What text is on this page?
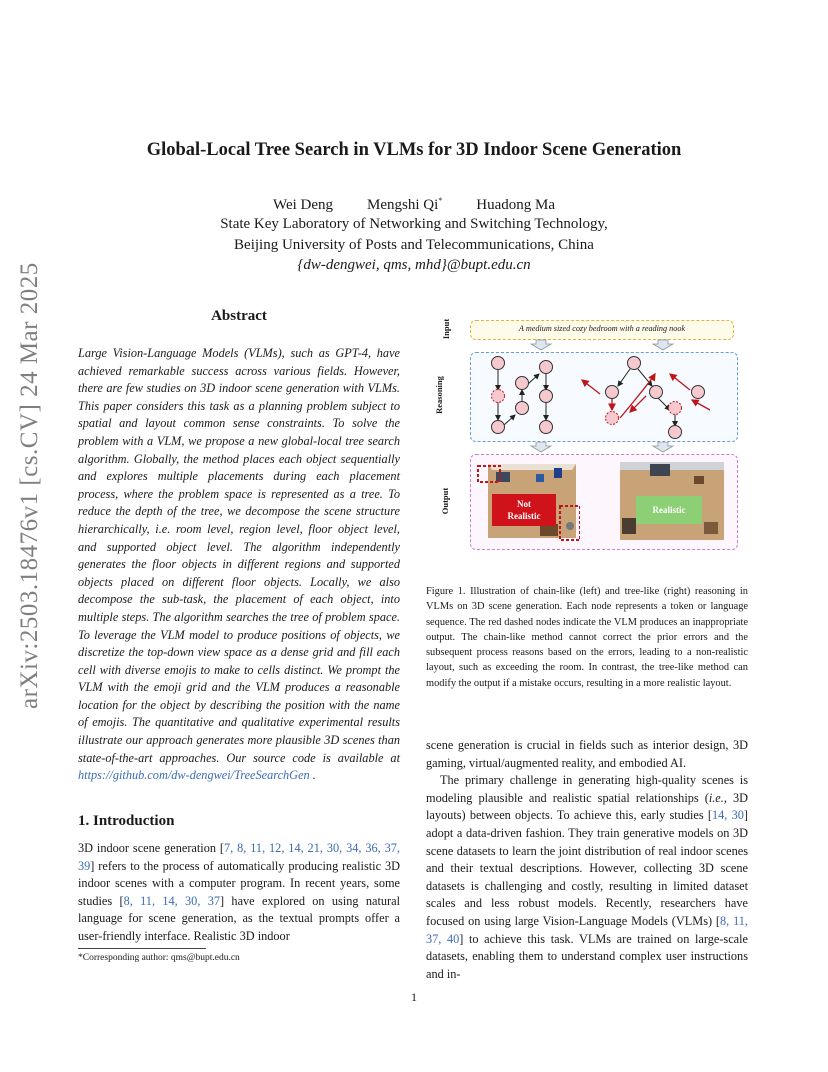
arXiv:2503.18476v1 [cs.CV] 24 Mar 2025
Global-Local Tree Search in VLMs for 3D Indoor Scene Generation
Wei Deng Mengshi Qi* Huadong Ma
State Key Laboratory of Networking and Switching Technology,
Beijing University of Posts and Telecommunications, China
{dw-dengwei, qms, mhd}@bupt.edu.cn
Abstract
Large Vision-Language Models (VLMs), such as GPT-4, have achieved remarkable success across various fields. However, there are few studies on 3D indoor scene generation with VLMs. This paper considers this task as a planning problem subject to spatial and layout common sense constraints. To solve the problem with a VLM, we propose a new global-local tree search algorithm. Globally, the method places each object sequentially and explores multiple placements during each placement process, where the problem space is represented as a tree. To reduce the depth of the tree, we decompose the scene structure hierarchically, i.e. room level, region level, floor object level, and supported object level. The algorithm independently generates the floor objects in different regions and supported objects placed on different floor objects. Locally, we also decompose the sub-task, the placement of each object, into multiple steps. The algorithm searches the tree of problem space. To leverage the VLM model to produce positions of objects, we discretize the top-down view space as a dense grid and fill each cell with diverse emojis to make to cells distinct. We prompt the VLM with the emoji grid and the VLM produces a reasonable location for the object by describing the position with the name of emojis. The quantitative and qualitative experimental results illustrate our approach generates more plausible 3D scenes than state-of-the-art approaches. Our source code is available at https://github.com/dw-dengwei/TreeSearchGen .
1. Introduction
3D indoor scene generation [7, 8, 11, 12, 14, 21, 30, 34, 36, 37, 39] refers to the process of automatically producing realistic 3D indoor scenes with a computer program. In recent years, some studies [8, 11, 14, 30, 37] have explored on using natural language for scene generation, as the textual prompts offer a user-friendly interface. Realistic 3D indoor
*Corresponding author: qms@bupt.edu.cn
Input
Reasoning
Output
A medium sized cozy bedroom with a reading nook
Not
Realistic
Realistic
Figure 1. Illustration of chain-like (left) and tree-like (right) reasoning in VLMs on 3D scene generation. Each node represents a token or language sequence. The red dashed nodes indicate the VLM produces an inappropriate output. The chain-like method cannot correct the prior errors and the subsequent process reasons based on the errors, leading to a non-realistic layout, such as exceeding the room. In contrast, the tree-like method can modify the output if a mistake occurs, resulting in a more realistic layout.

scene generation is crucial in fields such as interior design, 3D gaming, virtual/augmented reality, and embodied AI.

The primary challenge in generating high-quality scenes is modeling plausible and realistic spatial relationships (i.e., 3D layouts) between objects. To achieve this, early studies [14, 30] adopt a data-driven fashion. They train generative models on 3D scene datasets to learn the joint distribution of real indoor scenes and their textual descriptions. However, collecting 3D scene datasets is challenging and costly, resulting in limited dataset scales and less robust models. Recently, researchers have focused on using large Vision-Language Models (VLMs) [8, 11, 37, 40] to achieve this task. VLMs are trained on large-scale datasets, enabling them to understand complex user instructions and in-

1
